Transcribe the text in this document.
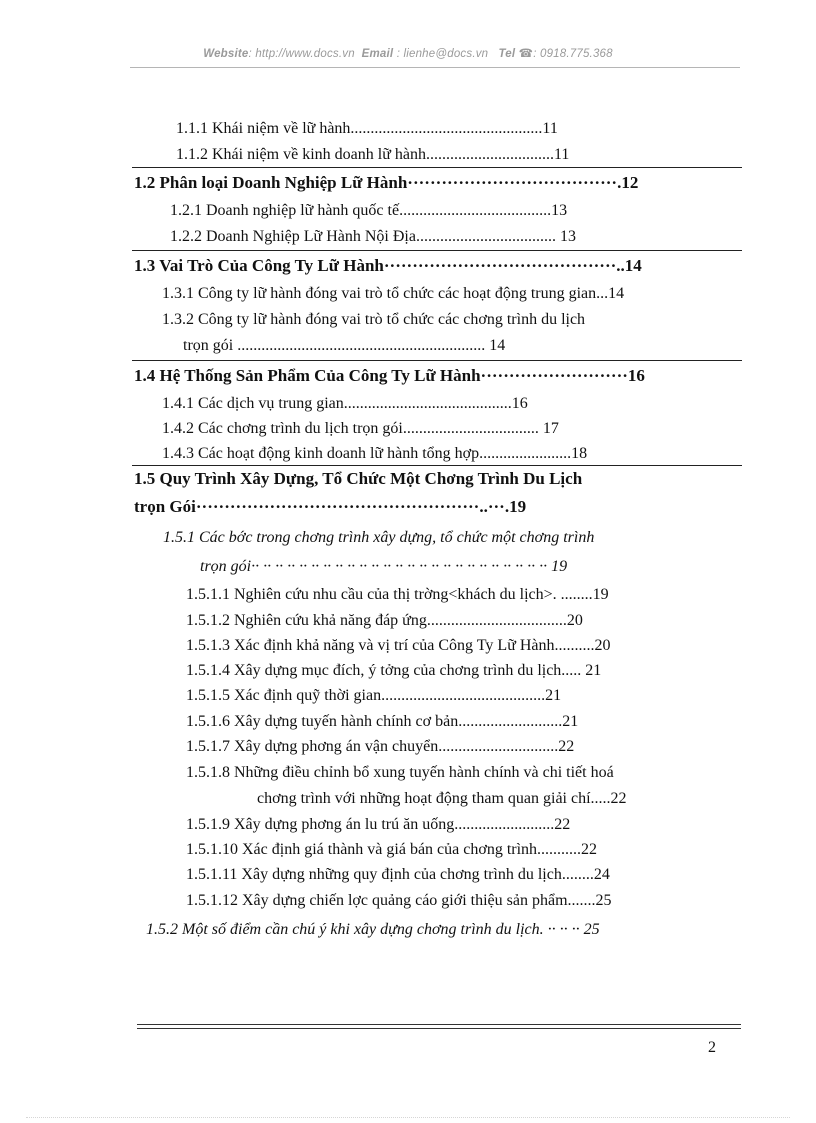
Website: http://www.docs.vn Email : lienhe@docs.vn Tel ☎: 0918.775.368
1.1.1 Khái niệm về lữ hành................................................11
1.1.2 Khái niệm về kinh doanh lữ hành................................11
1.2 Phân loại Doanh Nghiệp Lữ Hành·····································.12
1.2.1 Doanh nghiệp lữ hành quốc tế......................................13
1.2.2 Doanh Nghiệp Lữ Hành Nội Địa................................... 13
1.3 Vai Trò Của Công Ty Lữ Hành·········································..14
1.3.1 Công ty lữ hành đóng vai trò tổ chức các hoạt động trung gian...14
1.3.2 Công ty lữ hành đóng vai trò tổ chức các chơng trình du lịch
trọn gói .............................................................. 14
1.4 Hệ Thống Sản Phẩm Của Công Ty Lữ Hành··························16
1.4.1 Các dịch vụ trung gian..........................................16
1.4.2 Các chơng trình du lịch trọn gói.................................. 17
1.4.3 Các hoạt động kinh doanh lữ hành tổng hợp.......................18
1.5 Quy Trình Xây Dựng, Tổ Chức Một Chơng Trình Du Lịch
trọn Gói··················································..···.19
1.5.1 Các bớc trong chơng trình xây dựng, tổ chức một chơng trình
trọn gói·· ·· ·· ·· ·· ·· ·· ·· ·· ·· ·· ·· ·· ·· ·· ·· ·· ·· ·· ·· ·· ·· ·· ·· ·· 19
1.5.1.1 Nghiên cứu nhu cầu của thị trờng<khách du lịch>. ........19
1.5.1.2 Nghiên cứu khả năng đáp ứng...................................20
1.5.1.3 Xác định khả năng và vị trí của Công Ty Lữ Hành..........20
1.5.1.4 Xây dựng mục đích, ý tởng của chơng trình du lịch..... 21
1.5.1.5 Xác định quỹ thời gian.........................................21
1.5.1.6 Xây dựng tuyến hành chính cơ bản..........................21
1.5.1.7 Xây dựng phơng án vận chuyển..............................22
1.5.1.8 Những điều chỉnh bổ xung tuyến hành chính và chi tiết hoá
chơng trình với những hoạt động tham quan giải chí.....22
1.5.1.9 Xây dựng phơng án lu trú ăn uống.........................22
1.5.1.10 Xác định giá thành và giá bán của chơng trình...........22
1.5.1.11 Xây dựng những quy định của chơng trình du lịch........24
1.5.1.12 Xây dựng chiến lợc quảng cáo giới thiệu sản phẩm.......25
1.5.2 Một số điểm cần chú ý khi xây dựng chơng trình du lịch. ·· ·· ·· 25
2
